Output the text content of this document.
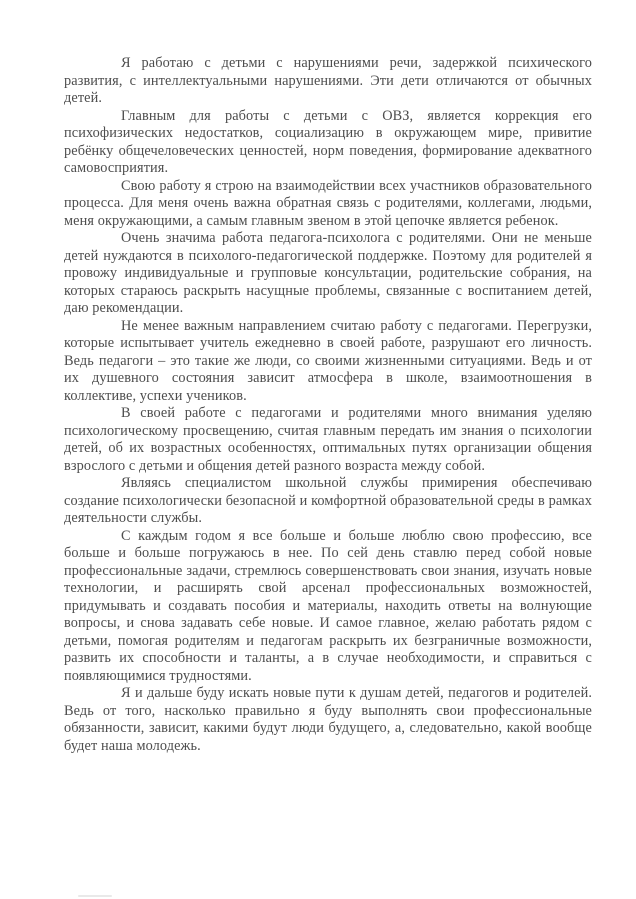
Я работаю с детьми с нарушениями речи, задержкой психического развития, с интеллектуальными нарушениями. Эти дети отличаются от обычных детей.

Главным для работы с детьми с ОВЗ, является коррекция его психофизических недостатков, социализацию в окружающем мире, привитие ребёнку общечеловеческих ценностей, норм поведения, формирование адекватного самовосприятия.

Свою работу я строю на взаимодействии всех участников образовательного процесса. Для меня очень важна обратная связь с родителями, коллегами, людьми, меня окружающими, а самым главным звеном в этой цепочке является ребенок.

Очень значима работа педагога-психолога с родителями. Они не меньше детей нуждаются в психолого-педагогической поддержке. Поэтому для родителей я провожу индивидуальные и групповые консультации, родительские собрания, на которых стараюсь раскрыть насущные проблемы, связанные с воспитанием детей, даю рекомендации.

Не менее важным направлением считаю работу с педагогами. Перегрузки, которые испытывает учитель ежедневно в своей работе, разрушают его личность. Ведь педагоги – это такие же люди, со своими жизненными ситуациями. Ведь и от их душевного состояния зависит атмосфера в школе, взаимоотношения в коллективе, успехи учеников.

В своей работе с педагогами и родителями много внимания уделяю психологическому просвещению, считая главным передать им знания о психологии детей, об их возрастных особенностях, оптимальных путях организации общения взрослого с детьми и общения детей разного возраста между собой.

Являясь специалистом школьной службы примирения обеспечиваю создание психологически безопасной и комфортной образовательной среды в рамках деятельности службы.

С каждым годом я все больше и больше люблю свою профессию, все больше и больше погружаюсь в нее. По сей день ставлю перед собой новые профессиональные задачи, стремлюсь совершенствовать свои знания, изучать новые технологии, и расширять свой арсенал профессиональных возможностей, придумывать и создавать пособия и материалы, находить ответы на волнующие вопросы, и снова задавать себе новые. И самое главное, желаю работать рядом с детьми, помогая родителям и педагогам раскрыть их безграничные возможности, развить их способности и таланты, а в случае необходимости, и справиться с появляющимися трудностями.

Я и дальше буду искать новые пути к душам детей, педагогов и родителей. Ведь от того, насколько правильно я буду выполнять свои профессиональные обязанности, зависит, какими будут люди будущего, а, следовательно, какой вообще будет наша молодежь.
